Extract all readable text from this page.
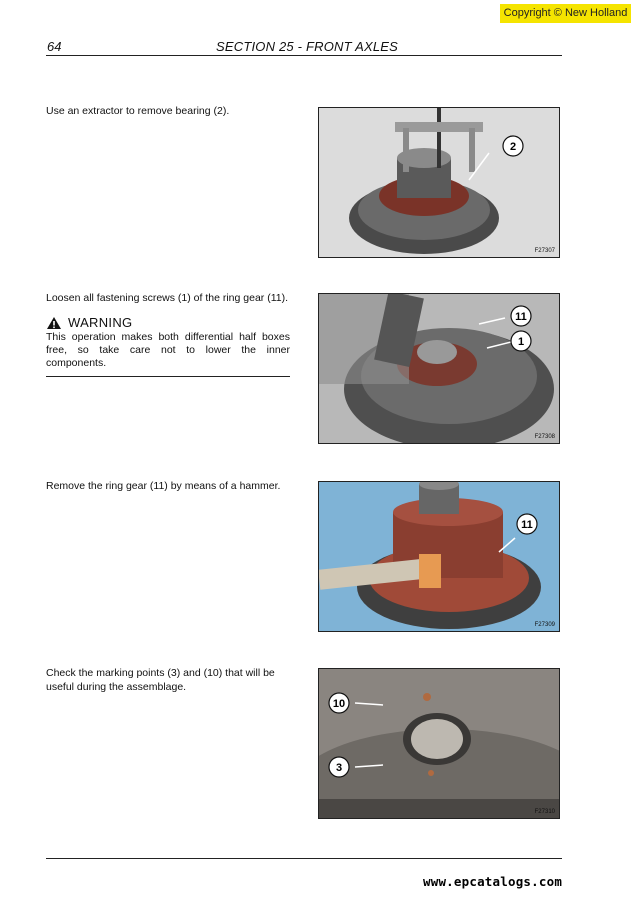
Copyright © New Holland
64	SECTION 25 - FRONT AXLES
Use an extractor to remove bearing (2).
2
F27307
Loosen all fastening screws (1) of the ring gear (11).
WARNING
This operation makes both differential half boxes free, so take care not to lower the inner components.
11
1
F27308
Remove the ring gear (11) by means of a hammer.
11
F27309
Check the marking points (3) and (10) that will be useful during the assemblage.
10
3
F27310
www.epcatalogs.com
